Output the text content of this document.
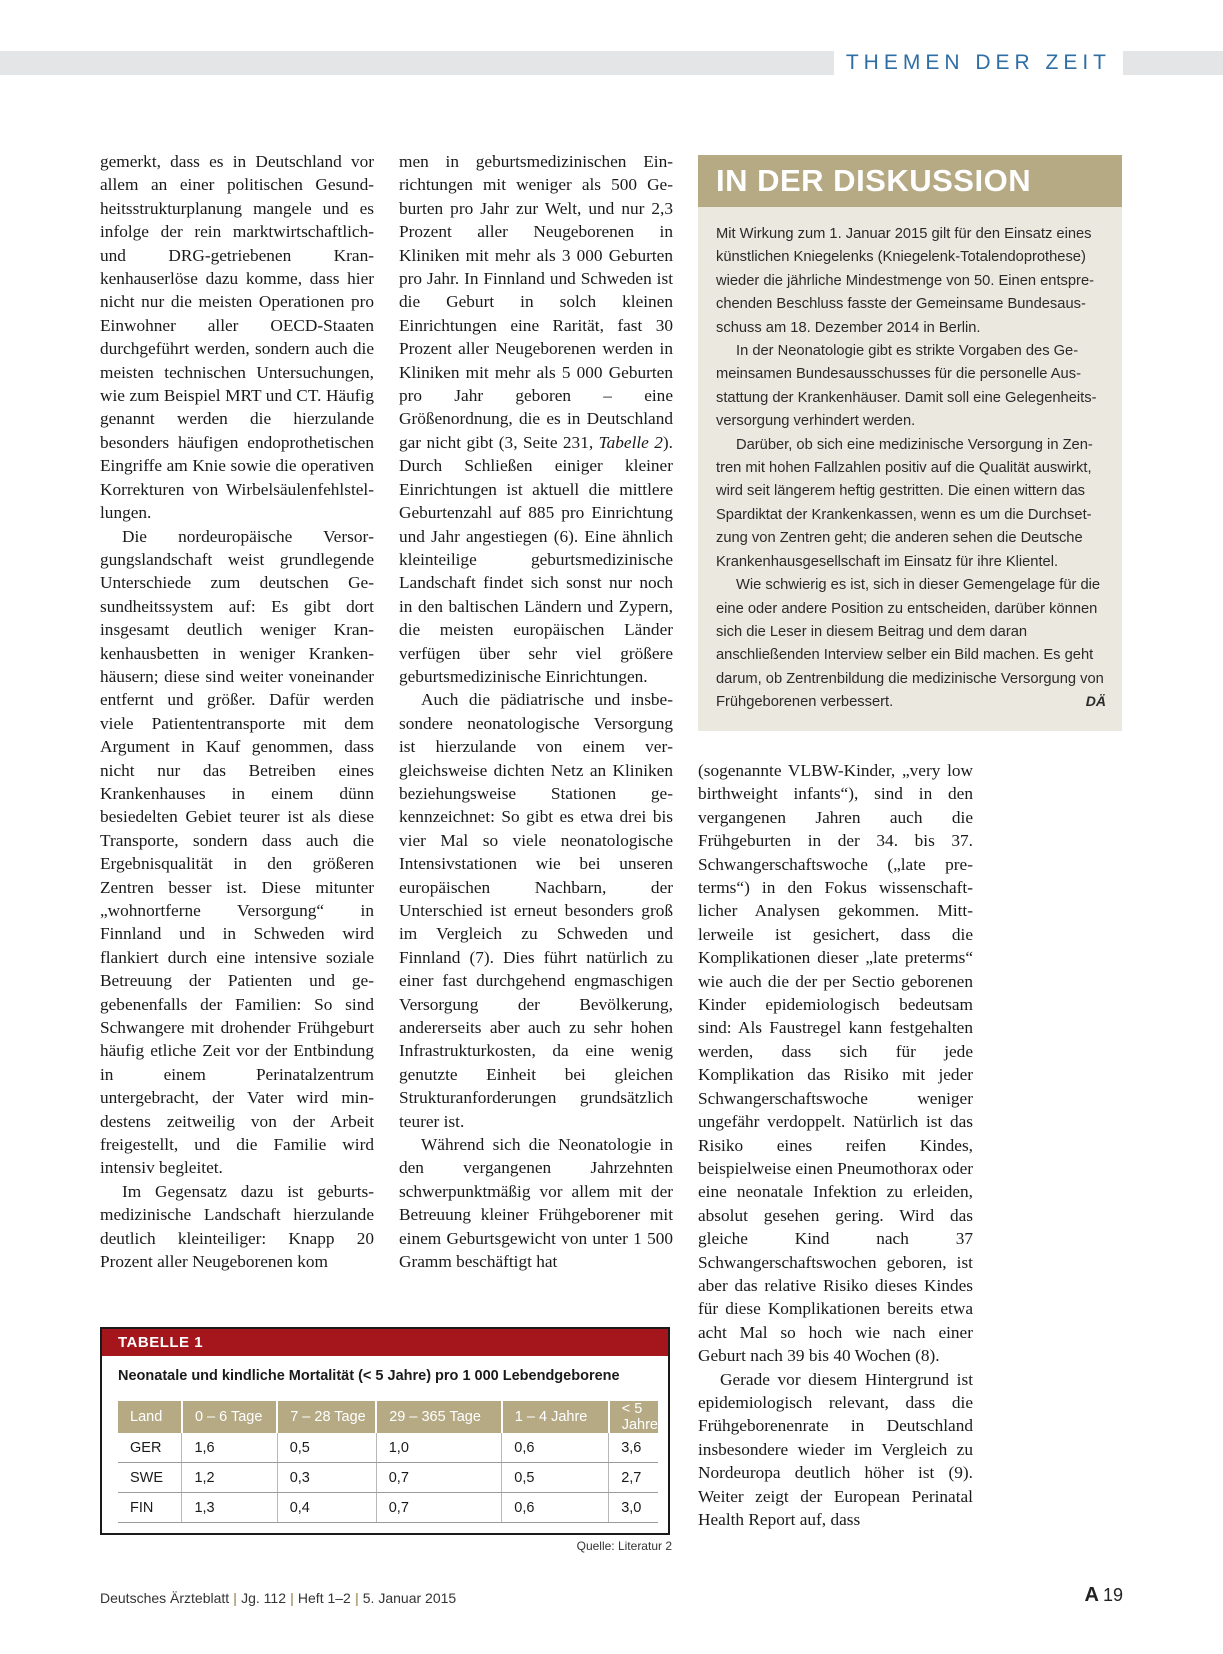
THEMEN DER ZEIT

gemerkt, dass es in Deutschland vor allem an einer politischen Gesundheitsstrukturplanung mangele und es infolge der rein marktwirtschaftlich- und DRG-getriebenen Krankenhauserlöse dazu komme, dass hier nicht nur die meisten Operationen pro Einwohner aller OECD-Staaten durchgeführt werden, sondern auch die meisten technischen Untersuchungen, wie zum Beispiel MRT und CT. Häufig genannt werden die hierzulande besonders häufigen endoprothetischen Eingriffe am Knie sowie die operativen Korrekturen von Wirbelsäulenfehlstellungen.

Die nordeuropäische Versorgungslandschaft weist grundlegende Unterschiede zum deutschen Gesundheitssystem auf: Es gibt dort insgesamt deutlich weniger Krankenhausbetten in weniger Krankenhäusern; diese sind weiter voneinander entfernt und größer. Dafür werden viele Patiententransporte mit dem Argument in Kauf genommen, dass nicht nur das Betreiben eines Krankenhauses in einem dünn besiedelten Gebiet teurer ist als diese Transporte, sondern dass auch die Ergebnisqualität in den größeren Zentren besser ist. Diese mitunter „wohnortferne Versorgung“ in Finnland und in Schweden wird flankiert durch eine intensive soziale Betreuung der Patienten und gegebenenfalls der Familien: So sind Schwangere mit drohender Frühgeburt häufig etliche Zeit vor der Entbindung in einem Perinatalzentrum untergebracht, der Vater wird mindestens zeitweilig von der Arbeit freigestellt, und die Familie wird intensiv begleitet.

Im Gegensatz dazu ist geburtsmedizinische Landschaft hierzulande deutlich kleinteiliger: Knapp 20 Prozent aller Neugeborenen kom

men in geburtsmedizinischen Einrichtungen mit weniger als 500 Geburten pro Jahr zur Welt, und nur 2,3 Prozent aller Neugeborenen in Kliniken mit mehr als 3 000 Geburten pro Jahr. In Finnland und Schweden ist die Geburt in solch kleinen Einrichtungen eine Rarität, fast 30 Prozent aller Neugeborenen werden in Kliniken mit mehr als 5 000 Geburten pro Jahr geboren – eine Größenordnung, die es in Deutschland gar nicht gibt (3, Seite 231, Tabelle 2). Durch Schließen einiger kleiner Einrichtungen ist aktuell die mittlere Geburtenzahl auf 885 pro Einrichtung und Jahr angestiegen (6). Eine ähnlich kleinteilige geburtsmedizinische Landschaft findet sich sonst nur noch in den baltischen Ländern und Zypern, die meisten europäischen Länder verfügen über sehr viel größere geburtsmedizinische Einrichtungen.

Auch die pädiatrische und insbesondere neonatologische Versorgung ist hierzulande von einem vergleichsweise dichten Netz an Kliniken beziehungsweise Stationen gekennzeichnet: So gibt es etwa drei bis vier Mal so viele neonatologische Intensivstationen wie bei unseren europäischen Nachbarn, der Unterschied ist erneut besonders groß im Vergleich zu Schweden und Finnland (7). Dies führt natürlich zu einer fast durchgehend engmaschigen Versorgung der Bevölkerung, andererseits aber auch zu sehr hohen Infrastrukturkosten, da eine wenig genutzte Einheit bei gleichen Strukturanforderungen grundsätzlich teurer ist.

Während sich die Neonatologie in den vergangenen Jahrzehnten schwerpunktmäßig vor allem mit der Betreuung kleiner Frühgeborener mit einem Geburtsgewicht von unter 1 500 Gramm beschäftigt hat

IN DER DISKUSSION

Mit Wirkung zum 1. Januar 2015 gilt für den Einsatz eines künstlichen Kniegelenks (Kniegelenk-Totalendoprothese) wieder die jährliche Mindestmenge von 50. Einen entsprechenden Beschluss fasste der Gemeinsame Bundesausschuss am 18. Dezember 2014 in Berlin.

In der Neonatologie gibt es strikte Vorgaben des Gemeinsamen Bundesausschusses für die personelle Ausstattung der Krankenhäuser. Damit soll eine Gelegenheitsversorgung verhindert werden.

Darüber, ob sich eine medizinische Versorgung in Zentren mit hohen Fallzahlen positiv auf die Qualität auswirkt, wird seit längerem heftig gestritten. Die einen wittern das Spardiktat der Krankenkassen, wenn es um die Durchsetzung von Zentren geht; die anderen sehen die Deutsche Krankenhausgesellschaft im Einsatz für ihre Klientel.

Wie schwierig es ist, sich in dieser Gemengelage für die eine oder andere Position zu entscheiden, darüber können sich die Leser in diesem Beitrag und dem daran anschließenden Interview selber ein Bild machen. Es geht darum, ob Zentrenbildung die medizinische Versorgung von Frühgeborenen verbessert.	DÄ

(sogenannte VLBW-Kinder, „very low birthweight infants“), sind in den vergangenen Jahren auch die Frühgeburten in der 34. bis 37. Schwangerschaftswoche („late preterms“) in den Fokus wissenschaftlicher Analysen gekommen. Mittlerweile ist gesichert, dass die Komplikationen dieser „late preterms“ wie auch die der per Sectio geborenen Kinder epidemiologisch bedeutsam sind: Als Faustregel kann festgehalten werden, dass sich für jede Komplikation das Risiko mit jeder Schwangerschaftswoche weniger ungefähr verdoppelt. Natürlich ist das Risiko eines reifen Kindes, beispielweise einen Pneumothorax oder eine neonatale Infektion zu erleiden, absolut gesehen gering. Wird das gleiche Kind nach 37 Schwangerschaftswochen geboren, ist aber das relative Risiko dieses Kindes für diese Komplikationen bereits etwa acht Mal so hoch wie nach einer Geburt nach 39 bis 40 Wochen (8).

Gerade vor diesem Hintergrund ist epidemiologisch relevant, dass die Frühgeborenenrate in Deutschland insbesondere wieder im Vergleich zu Nordeuropa deutlich höher ist (9). Weiter zeigt der European Perinatal Health Report auf, dass

TABELLE 1
Neonatale und kindliche Mortalität (< 5 Jahre) pro 1 000 Lebendgeborene
Land	0 – 6 Tage	7 – 28 Tage	29 – 365 Tage	1 – 4 Jahre	< 5 Jahre
GER	1,6	0,5	1,0	0,6	3,6
SWE	1,2	0,3	0,7	0,5	2,7
FIN	1,3	0,4	0,7	0,6	3,0
Quelle: Literatur 2
Deutsches Ärzteblatt | Jg. 112 | Heft 1–2 | 5. Januar 2015	A 19
